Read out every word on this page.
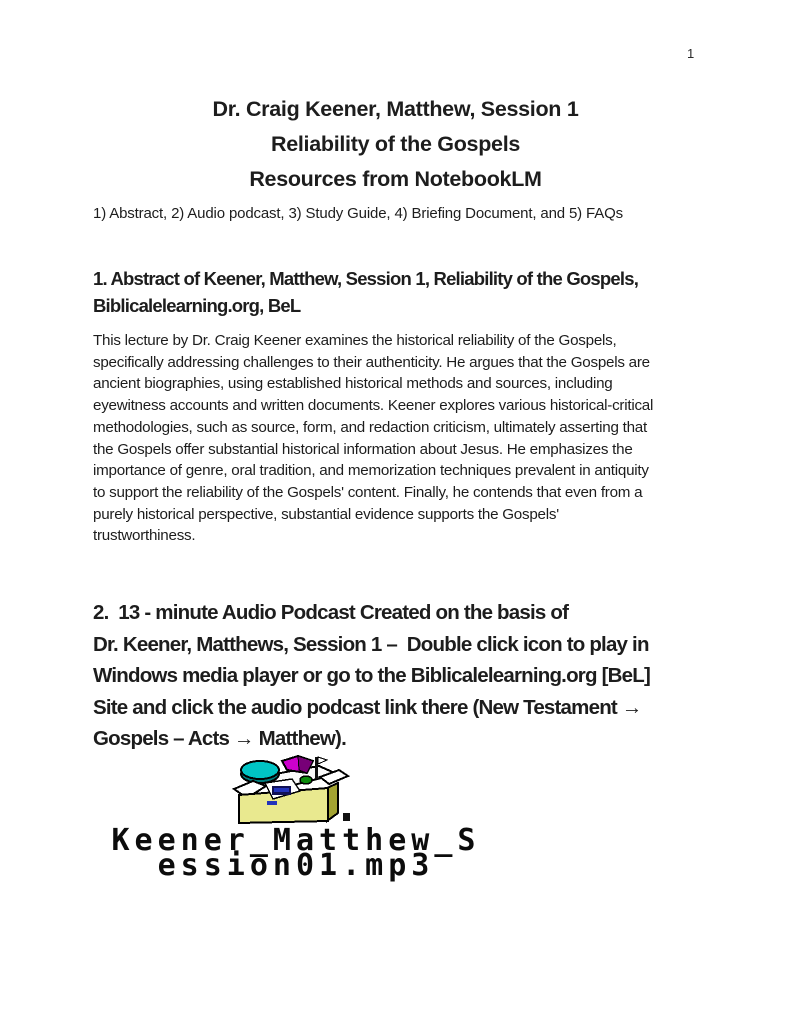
1
Dr. Craig Keener, Matthew, Session 1
Reliability of the Gospels
Resources from NotebookLM
1) Abstract, 2) Audio podcast, 3) Study Guide, 4) Briefing Document, and 5) FAQs
1. Abstract of Keener, Matthew, Session 1, Reliability of the Gospels,
Biblicalelearning.org, BeL
This lecture by Dr. Craig Keener examines the historical reliability of the Gospels,
specifically addressing challenges to their authenticity. He argues that the Gospels are
ancient biographies, using established historical methods and sources, including
eyewitness accounts and written documents. Keener explores various historical-critical
methodologies, such as source, form, and redaction criticism, ultimately asserting that
the Gospels offer substantial historical information about Jesus. He emphasizes the
importance of genre, oral tradition, and memorization techniques prevalent in antiquity
to support the reliability of the Gospels' content. Finally, he contends that even from a
purely historical perspective, substantial evidence supports the Gospels'
trustworthiness.
2.  13 - minute Audio Podcast Created on the basis of
Dr. Keener, Matthews, Session 1 –  Double click icon to play in
Windows media player or go to the Biblicalelearning.org [BeL]
Site and click the audio podcast link there (New Testament →
Gospels – Acts → Matthew).
Keener_Matthew_S
ession01.mp3
